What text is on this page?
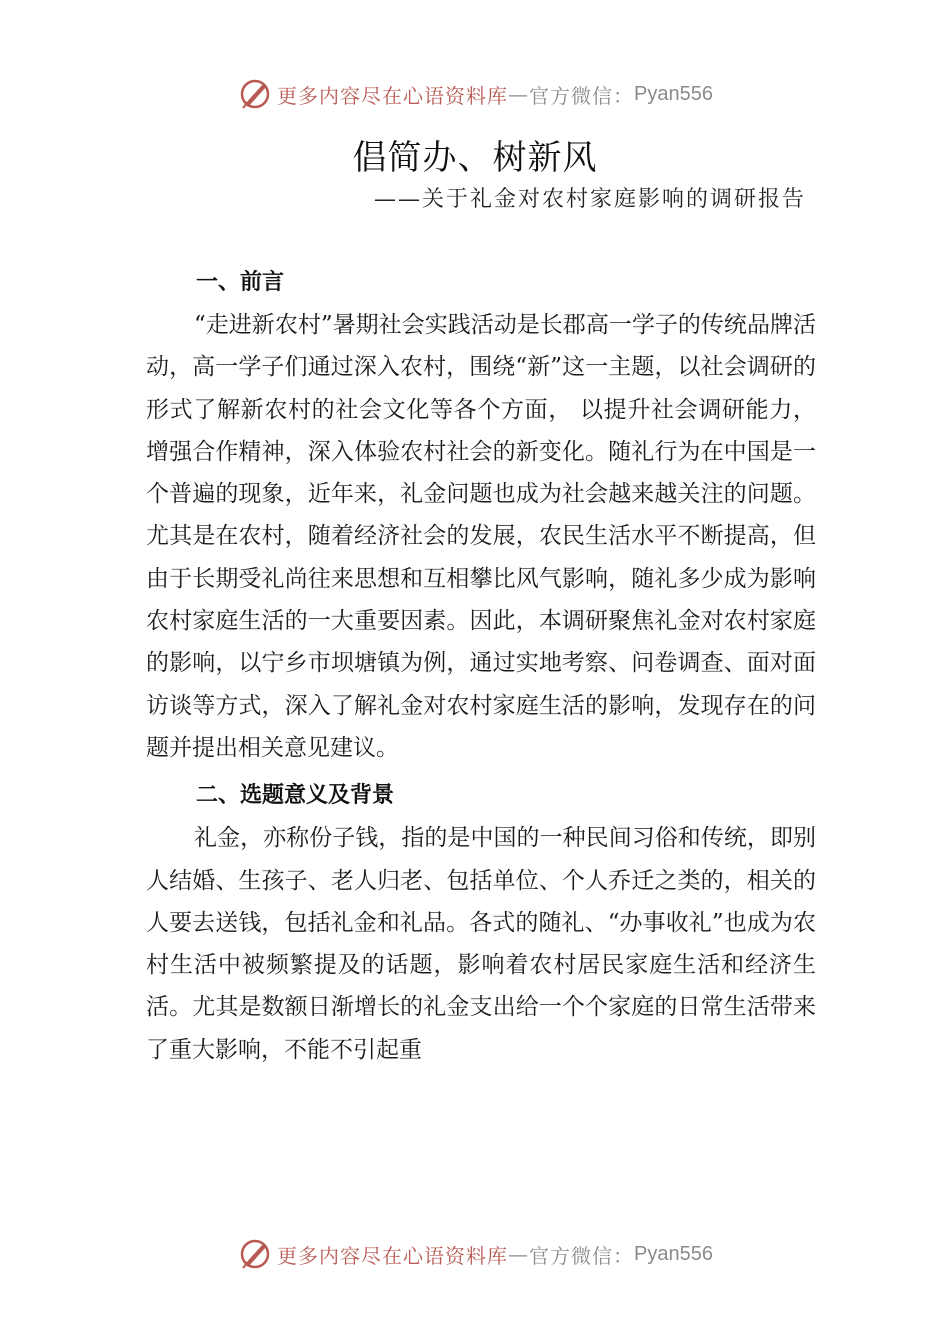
更多内容尽在心语资料库 — 官方微信： Pyan556
倡简办、树新风
——关于礼金对农村家庭影响的调研报告
一、前言

“走进新农村”暑期社会实践活动是长郡高一学子的传统品牌活动，高一学子们通过深入农村，围绕“新”这一主题，以社会调研的形式了解新农村的社会文化等各个方面， 以提升社会调研能力，增强合作精神，深入体验农村社会的新变化。随礼行为在中国是一个普遍的现象，近年来，礼金问题也成为社会越来越关注的问题。尤其是在农村，随着经济社会的发展，农民生活水平不断提高，但由于长期受礼尚往来思想和互相攀比风气影响，随礼多少成为影响农村家庭生活的一大重要因素。因此，本调研聚焦礼金对农村家庭的影响，以宁乡市坝塘镇为例，通过实地考察、问卷调查、面对面访谈等方式，深入了解礼金对农村家庭生活的影响，发现存在的问题并提出相关意见建议。

二、选题意义及背景

礼金，亦称份子钱，指的是中国的一种民间习俗和传统，即别人结婚、生孩子、老人归老、包括单位、个人乔迁之类的，相关的人要去送钱，包括礼金和礼品。各式的随礼、“办事收礼”也成为农村生活中被频繁提及的话题，影响着农村居民家庭生活和经济生活。尤其是数额日渐增长的礼金支出给一个个家庭的日常生活带来了重大影响，不能不引起重

更多内容尽在心语资料库 — 官方微信： Pyan556
